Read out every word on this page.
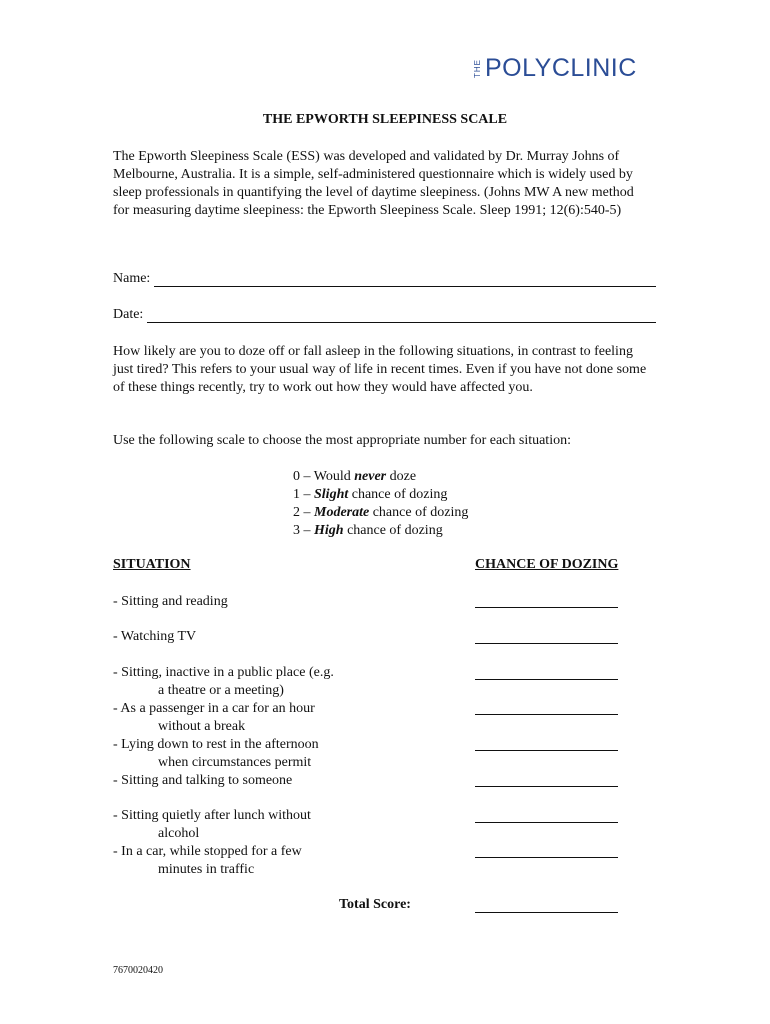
THE POLYCLINIC
THE EPWORTH SLEEPINESS SCALE

The Epworth Sleepiness Scale (ESS) was developed and validated by Dr. Murray Johns of Melbourne, Australia. It is a simple, self-administered questionnaire which is widely used by sleep professionals in quantifying the level of daytime sleepiness. (Johns MW A new method for measuring daytime sleepiness: the Epworth Sleepiness Scale. Sleep 1991; 12(6):540-5)

Name:
Date:

How likely are you to doze off or fall asleep in the following situations, in contrast to feeling just tired? This refers to your usual way of life in recent times. Even if you have not done some of these things recently, try to work out how they would have affected you.

Use the following scale to choose the most appropriate number for each situation:

0 – Would never doze
1 – Slight chance of dozing
2 – Moderate chance of dozing
3 – High chance of dozing
SITUATION	CHANCE OF DOZING
- Sitting and reading
- Watching TV
- Sitting, inactive in a public place (e.g.
a theatre or a meeting)
- As a passenger in a car for an hour
without a break
- Lying down to rest in the afternoon
when circumstances permit
- Sitting and talking to someone
- Sitting quietly after lunch without
alcohol
- In a car, while stopped for a few
minutes in traffic
Total Score:
7670020420
